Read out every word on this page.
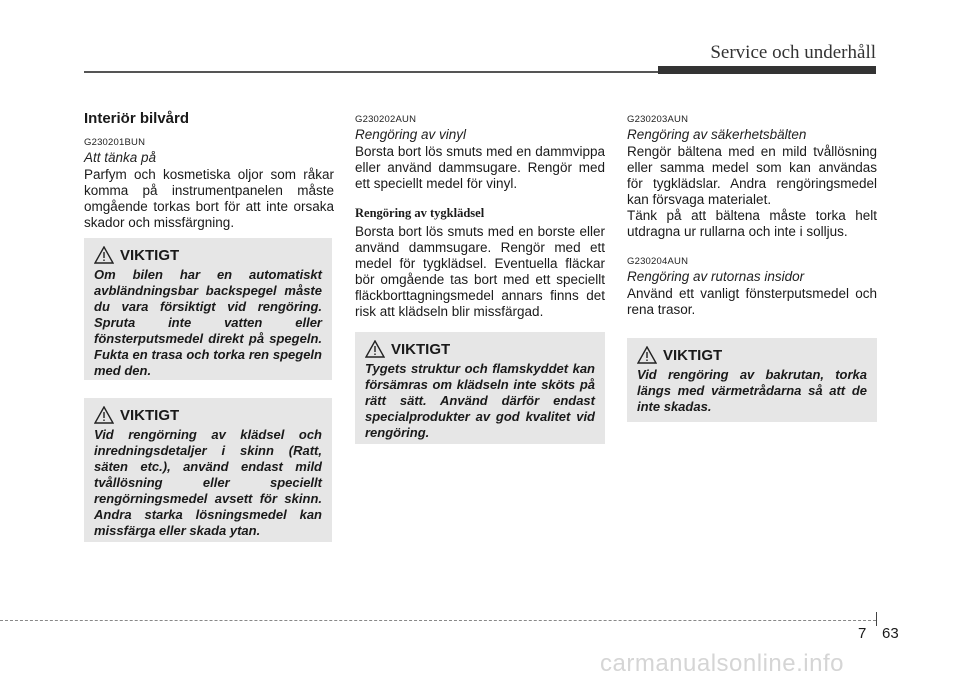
Service och underhåll
Interiör bilvård
G230201BUN
Att tänka på

Parfym och kosmetiska oljor som råkar komma på instrumentpanelen måste omgående torkas bort för att inte orsaka skador och missfärgning.

VIKTIGT

Om bilen har en automatiskt avbländningsbar backspegel måste du vara försiktigt vid rengöring. Spruta inte vatten eller fönsterputsmedel direkt på spegeln. Fukta en trasa och torka ren spegeln med den.

VIKTIGT

Vid rengörning av klädsel och inredningsdetaljer i skinn (Ratt, säten etc.), använd endast mild tvållösning eller speciellt rengörningsmedel avsett för skinn. Andra starka lösningsmedel kan missfärga eller skada ytan.

G230202AUN
Rengöring av vinyl

Borsta bort lös smuts med en dammvippa eller använd dammsugare. Rengör med ett speciellt medel för vinyl.

Rengöring av tygklädsel

Borsta bort lös smuts med en borste eller använd dammsugare. Rengör med ett medel för tygklädsel. Eventuella fläckar bör omgående tas bort med ett speciellt fläckborttagningsmedel annars finns det risk att klädseln blir missfärgad.

VIKTIGT

Tygets struktur och flamskyddet kan försämras om klädseln inte sköts på rätt sätt. Använd därför endast specialprodukter av god kvalitet vid rengöring.

G230203AUN
Rengöring av säkerhetsbälten

Rengör bältena med en mild tvållösning eller samma medel som kan användas för tygklädslar. Andra rengöringsmedel kan försvaga materialet.

Tänk på att bältena måste torka helt utdragna ur rullarna och inte i solljus.

G230204AUN
Rengöring av rutornas insidor

Använd ett vanligt fönsterputsmedel och rena trasor.

VIKTIGT

Vid rengöring av bakrutan, torka längs med värmetrådarna så att de inte skadas.

7 63
carmanualsonline.info
